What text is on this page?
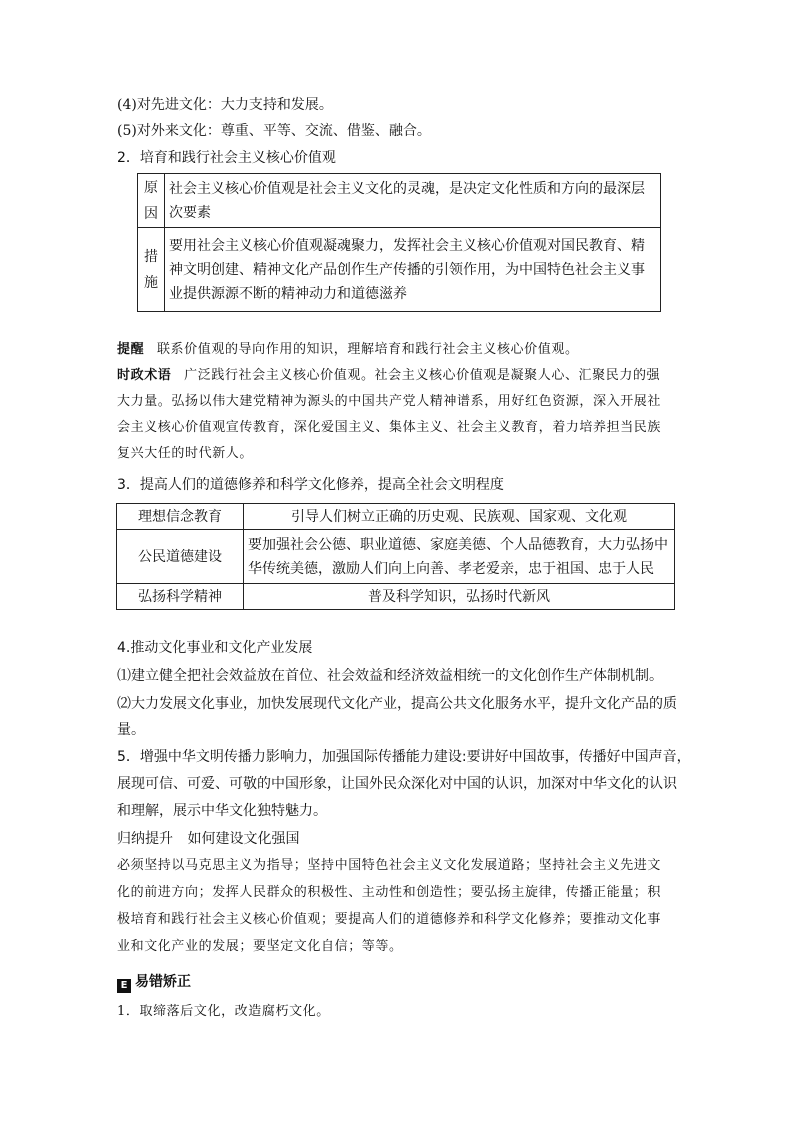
(4)对先进文化：大力支持和发展。
(5)对外来文化：尊重、平等、交流、借鉴、融合。
2．培育和践行社会主义核心价值观
原因	社会主义核心价值观是社会主义文化的灵魂，是决定文化性质和方向的最深层
次要素

措施	要用社会主义核心价值观凝魂聚力，发挥社会主义核心价值观对国民教育、精
神文明创建、精神文化产品创作生产传播的引领作用，为中国特色社会主义事
业提供源源不断的精神动力和道德滋养
提醒 联系价值观的导向作用的知识，理解培育和践行社会主义核心价值观。
时政术语 广泛践行社会主义核心价值观。社会主义核心价值观是凝聚人心、汇聚民力的强
大力量。弘扬以伟大建党精神为源头的中国共产党人精神谱系，用好红色资源，深入开展社
会主义核心价值观宣传教育，深化爱国主义、集体主义、社会主义教育，着力培养担当民族
复兴大任的时代新人。
3．提高人们的道德修养和科学文化修养，提高全社会文明程度
理想信念教育	引导人们树立正确的历史观、民族观、国家观、文化观
公民道德建设	要加强社会公德、职业道德、家庭美德、个人品德教育，大力弘扬中
华传统美德，激励人们向上向善、孝老爱亲，忠于祖国、忠于人民

弘扬科学精神	普及科学知识，弘扬时代新风
4.推动文化事业和文化产业发展
⑴建立健全把社会效益放在首位、社会效益和经济效益相统一的文化创作生产体制机制。
⑵大力发展文化事业，加快发展现代文化产业，提高公共文化服务水平，提升文化产品的质
量。
5．增强中华文明传播力影响力，加强国际传播能力建设:要讲好中国故事，传播好中国声音，
展现可信、可爱、可敬的中国形象，让国外民众深化对中国的认识，加深对中华文化的认识
和理解，展示中华文化独特魅力。
归纳提升 如何建设文化强国
必须坚持以马克思主义为指导；坚持中国特色社会主义文化发展道路；坚持社会主义先进文
化的前进方向；发挥人民群众的积极性、主动性和创造性；要弘扬主旋律，传播正能量；积
极培育和践行社会主义核心价值观；要提高人们的道德修养和科学文化修养；要推动文化事
业和文化产业的发展；要坚定文化自信；等等。
E 易错矫正
1．取缔落后文化，改造腐朽文化。
